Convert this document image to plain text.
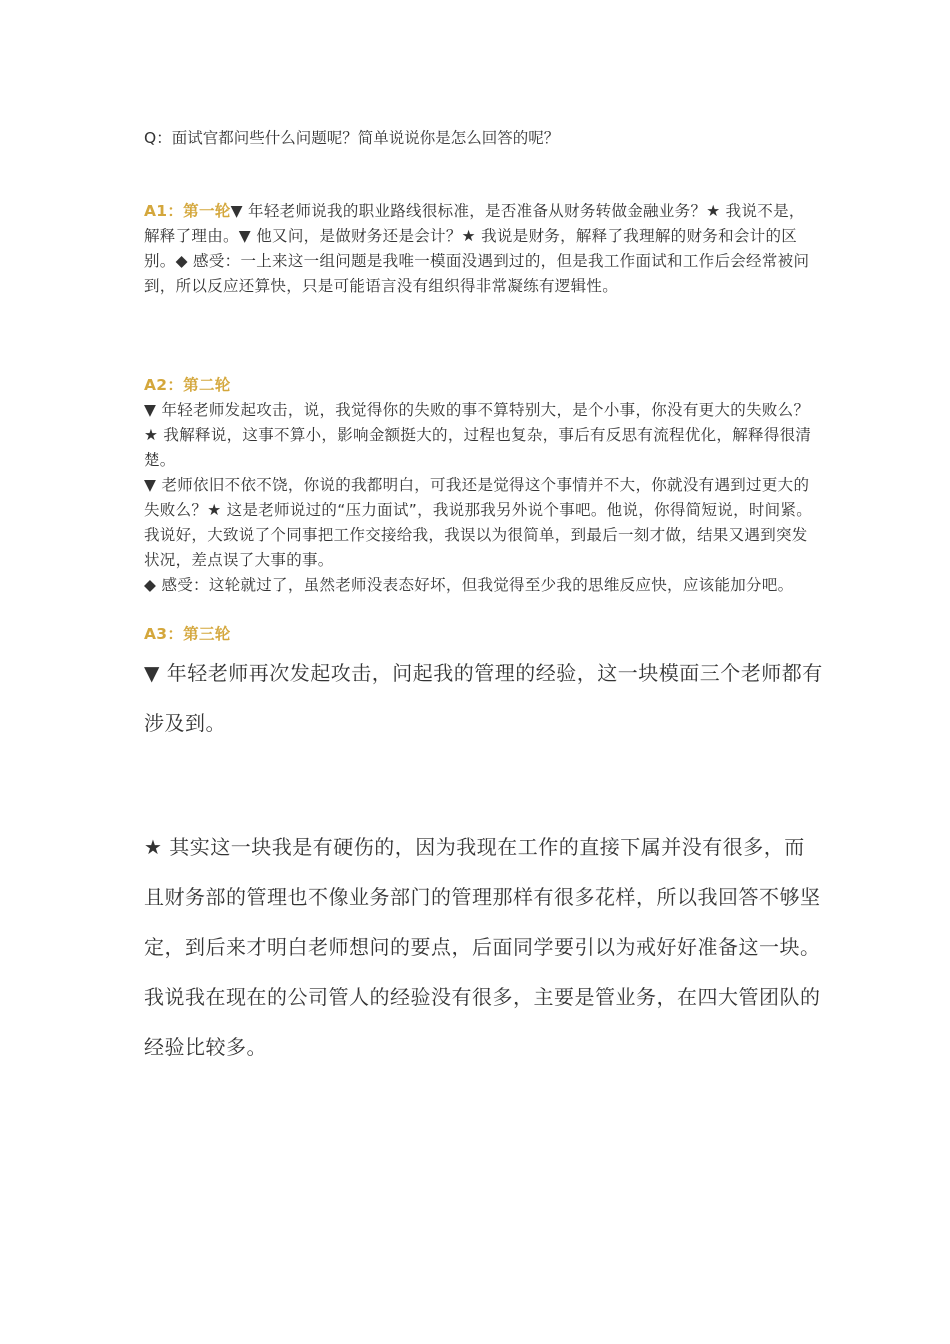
Q：面试官都问些什么问题呢？简单说说你是怎么回答的呢？

A1：第一轮▼ 年轻老师说我的职业路线很标准，是否准备从财务转做金融业务？★ 我说不是，解释了理由。▼ 他又问，是做财务还是会计？★ 我说是财务，解释了我理解的财务和会计的区别。◆ 感受：一上来这一组问题是我唯一模面没遇到过的，但是我工作面试和工作后会经常被问到，所以反应还算快，只是可能语言没有组织得非常凝练有逻辑性。

A2：第二轮

▼ 年轻老师发起攻击，说，我觉得你的失败的事不算特别大，是个小事，你没有更大的失败么？★ 我解释说，这事不算小，影响金额挺大的，过程也复杂，事后有反思有流程优化，解释得很清楚。

▼ 老师依旧不依不饶，你说的我都明白，可我还是觉得这个事情并不大，你就没有遇到过更大的失败么？★ 这是老师说过的“压力面试”，我说那我另外说个事吧。他说，你得简短说，时间紧。我说好，大致说了个同事把工作交接给我，我误以为很简单，到最后一刻才做，结果又遇到突发状况，差点误了大事的事。

◆ 感受：这轮就过了，虽然老师没表态好坏，但我觉得至少我的思维反应快，应该能加分吧。

A3：第三轮

▼ 年轻老师再次发起攻击，问起我的管理的经验，这一块模面三个老师都有涉及到。

★ 其实这一块我是有硬伤的，因为我现在工作的直接下属并没有很多，而且财务部的管理也不像业务部门的管理那样有很多花样，所以我回答不够坚定，到后来才明白老师想问的要点，后面同学要引以为戒好好准备这一块。我说我在现在的公司管人的经验没有很多，主要是管业务，在四大管团队的经验比较多。
